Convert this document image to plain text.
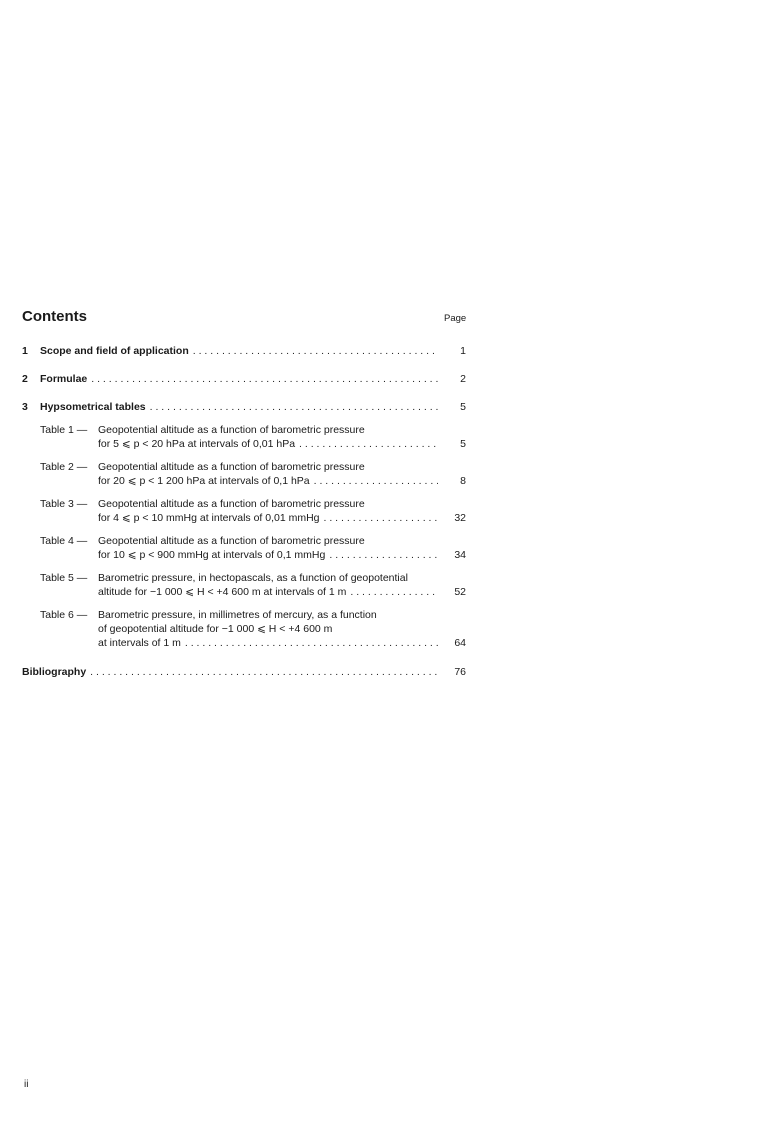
Contents	Page
1	Scope and field of application . . .	1
2	Formulae . . .	2
3	Hypsometrical tables . . .	5
Table 1 — Geopotential altitude as a function of barometric pressure
for 5 ⩽ p < 20 hPa at intervals of 0,01 hPa . . .	5
Table 2 — Geopotential altitude as a function of barometric pressure
for 20 ⩽ p < 1 200 hPa at intervals of 0,1 hPa . . .	8
Table 3 — Geopotential altitude as a function of barometric pressure
for 4 ⩽ p < 10 mmHg at intervals of 0,01 mmHg . . .	32
Table 4 — Geopotential altitude as a function of barometric pressure
for 10 ⩽ p < 900 mmHg at intervals of 0,1 mmHg . . .	34
Table 5 — Barometric pressure, in hectopascals, as a function of geopotential
altitude for −1 000 ⩽ H < +4 600 m at intervals of 1 m . . .	52
Table 6 — Barometric pressure, in millimetres of mercury, as a function
of geopotential altitude for −1 000 ⩽ H < +4 600 m
at intervals of 1 m . . .	64
Bibliography . . .	76
ii
